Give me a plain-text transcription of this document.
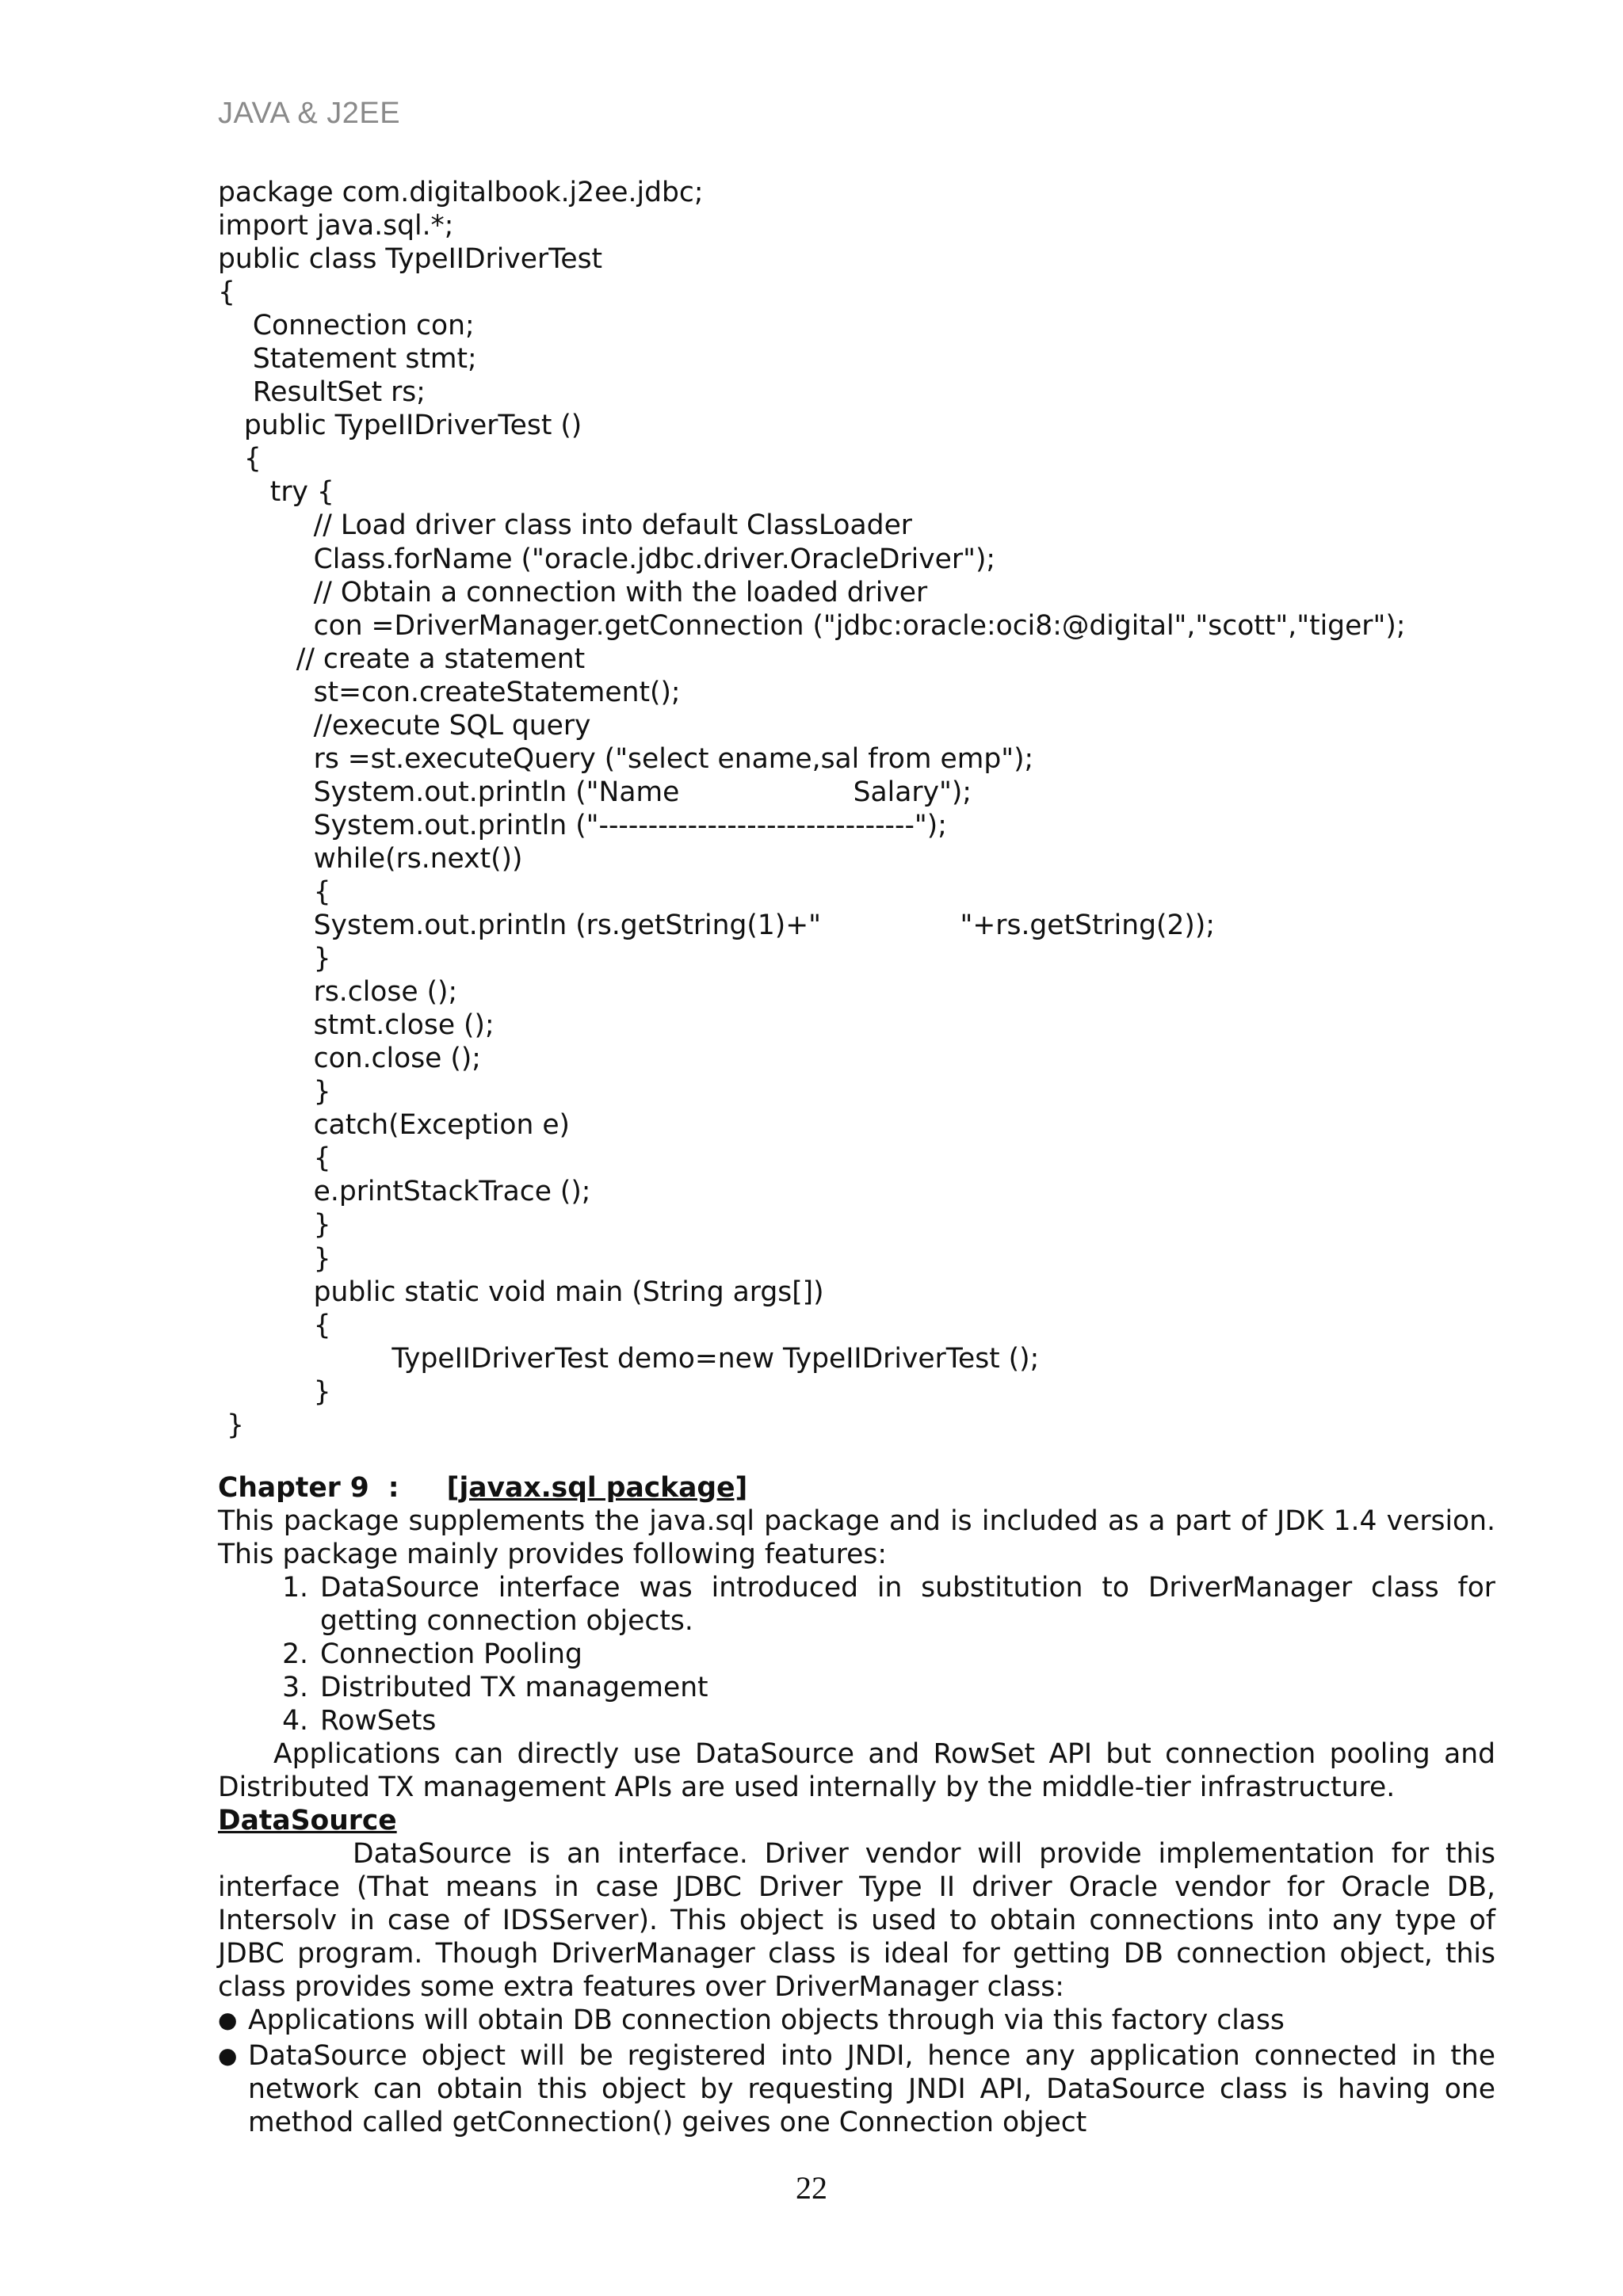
JAVA & J2EE
package com.digitalbook.j2ee.jdbc;
import java.sql.*;
public class TypeIIDriverTest
{
Connection con;
Statement stmt;
ResultSet rs;
public TypeIIDriverTest ()
{
try {
// Load driver class into default ClassLoader
Class.forName ("oracle.jdbc.driver.OracleDriver");
// Obtain a connection with the loaded driver
con =DriverManager.getConnection ("jdbc:oracle:oci8:@digital","scott","tiger");
// create a statement
st=con.createStatement();
//execute SQL query
rs =st.executeQuery ("select ename,sal from emp");
System.out.println ("Name                    Salary");
System.out.println ("--------------------------------");
while(rs.next())
{
System.out.println (rs.getString(1)+"                "+rs.getString(2));
}
rs.close ();
stmt.close ();
con.close ();
}
catch(Exception e)
{
e.printStackTrace ();
}
}
public static void main (String args[])
{
TypeIIDriverTest demo=new TypeIIDriverTest ();
}
}
Chapter 9  : [javax.sql package]

This package supplements the java.sql package and is included as a part of JDK 1.4 version. This package mainly provides following features:

1. DataSource interface was introduced in substitution to DriverManager class for getting connection objects.
2. Connection Pooling
3. Distributed TX management
4. RowSets

Applications can directly use DataSource and RowSet API but connection pooling and Distributed TX management APIs are used internally by the middle-tier infrastructure.

DataSource

DataSource is an interface. Driver vendor will provide implementation for this interface (That means in case JDBC Driver Type II driver Oracle vendor for Oracle DB, Intersolv in case of IDSServer). This object is used to obtain connections into any type of JDBC program. Though DriverManager class is ideal for getting DB connection object, this class provides some extra features over DriverManager class:

● Applications will obtain DB connection objects through via this factory class
● DataSource object will be registered into JNDI, hence any application connected in the network can obtain this object by requesting JNDI API, DataSource class is having one method called getConnection() geives one Connection object
22
